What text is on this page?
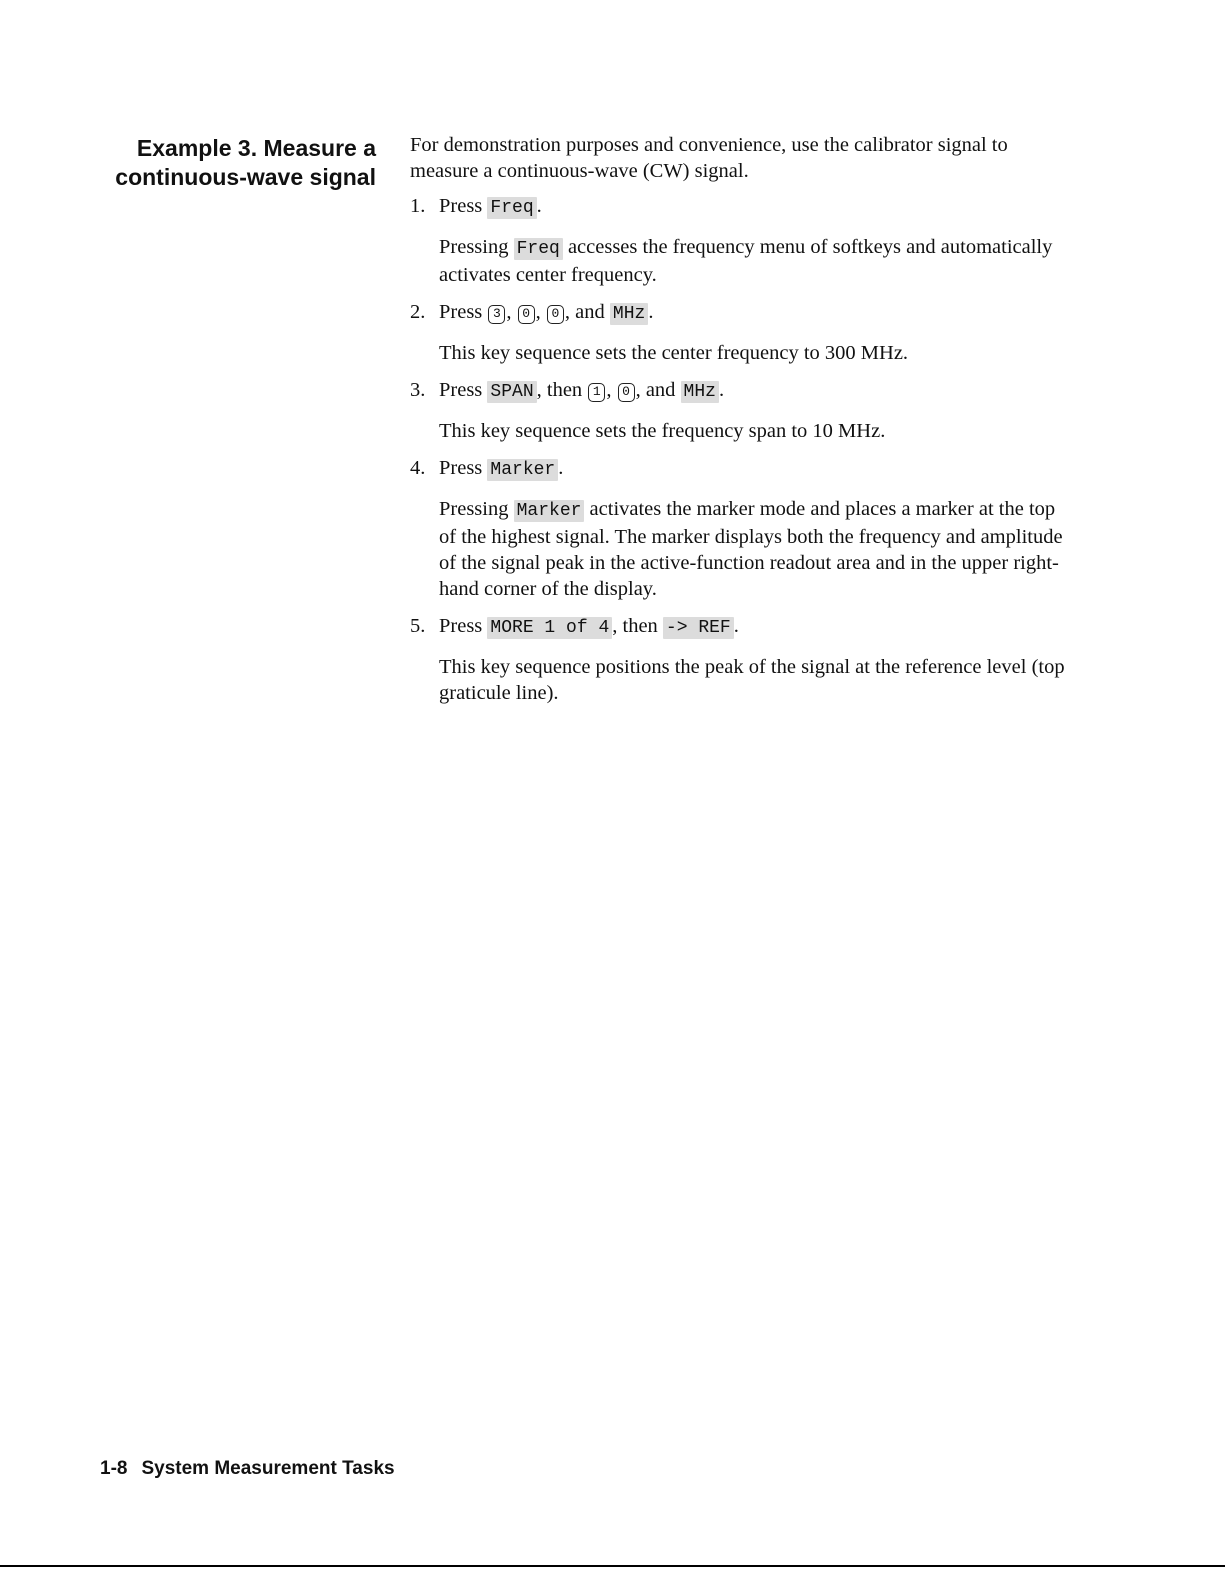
Example 3. Measure a
continuous-wave signal

For demonstration purposes and convenience, use the calibrator signal to measure a continuous-wave (CW) signal.

1. Press Freq .
Pressing Freq accesses the frequency menu of softkeys and automatically activates center frequency.
2. Press 3 , 0 , 0 , and MHz .
This key sequence sets the center frequency to 300 MHz.
3. Press SPAN , then 1 , 0 , and MHz .
This key sequence sets the frequency span to 10 MHz.
4. Press Marker .
Pressing Marker activates the marker mode and places a marker at the top of the highest signal. The marker displays both the frequency and amplitude of the signal peak in the active-function readout area and in the upper right-hand corner of the display.
5. Press MORE 1 of 4 , then -> REF .
This key sequence positions the peak of the signal at the reference level (top graticule line).
1-8 System Measurement Tasks
